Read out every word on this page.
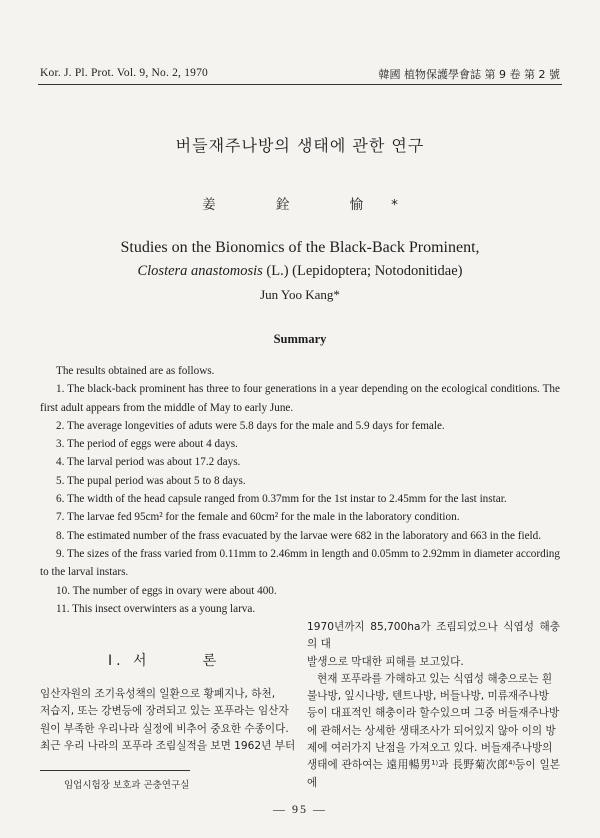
Kor. J. Pl. Prot. Vol. 9, No. 2, 1970	韓國 植物保護學會誌 第 9 卷 第 2 號
버들재주나방의 생태에 관한 연구
姜 銓 愉*
Studies on the Bionomics of the Black-Back Prominent,
Clostera anastomosis (L.) (Lepidoptera; Notodonitidae)
Jun Yoo Kang*
Summary

The results obtained are as follows.

1. The black-back prominent has three to four generations in a year depending on the ecological conditions. The first adult appears from the middle of May to early June.

2. The average longevities of aduts were 5.8 days for the male and 5.9 days for female.

3. The period of eggs were about 4 days.

4. The larval period was about 17.2 days.

5. The pupal period was about 5 to 8 days.

6. The width of the head capsule ranged from 0.37mm for the 1st instar to 2.45mm for the last instar.

7. The larvae fed 95cm² for the female and 60cm² for the male in the laboratory condition.

8. The estimated number of the frass evacuated by the larvae were 682 in the laboratory and 663 in the field.

9. The sizes of the frass varied from 0.11mm to 2.46mm in length and 0.05mm to 2.92mm in diameter according to the larval instars.

10. The number of eggs in ovary were about 400.

11. This insect overwinters as a young larva.

I. 서	론
임산자원의 조기육성책의 일환으로 황폐지나, 하천,
저습지, 또는 강변등에 장려되고 있는 포푸라는 임산자
원이 부족한 우리나라 실정에 비추어 중요한 수종이다.
최근 우리 나라의 포푸라 조림실적을 보면 1962년 부터
임업시험장 보호과 곤충연구실
1970년까지 85,700ha가 조림되었으나 식엽성 해충의 대
발생으로 막대한 피해를 보고있다.
현재 포푸라를 가해하고 있는 식엽성 해충으로는 흰
불나방, 잎시나방, 텐트나방, 버들나방, 미류재주나방
등이 대표적인 해충이라 할수있으며 그중 버들재주나방
에 관해서는 상세한 생태조사가 되어있지 않아 이의 방
제에 여러가지 난점을 가져오고 있다. 버들재주나방의
생태에 관하여는 遠用暢男¹⁾과 長野菊次郎⁴⁾등이 일본에
— 95 —
